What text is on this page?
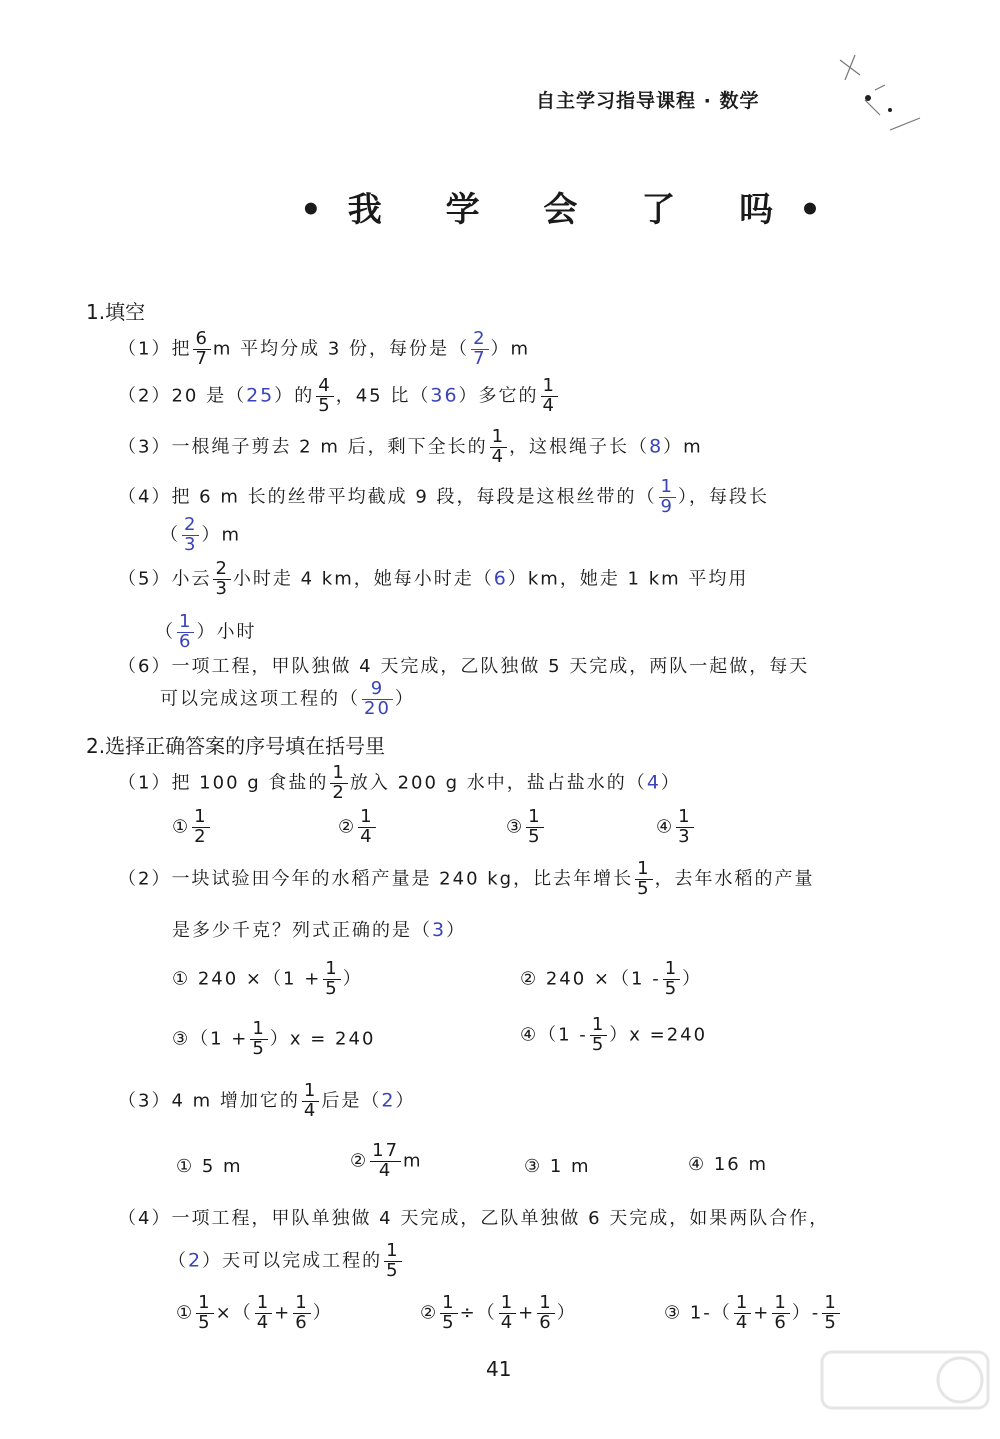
自主学习指导课程 · 数学
•我 学 会 了 吗•
1.填空
（1）把 $\frac{6}{7}$ m 平均分成 3 份，每份是（ $\frac{2}{7} )m$
（2）20 是（25）的 $\frac{4}{5}$ ，45 比（36）多它的 $\frac{1}{4}$
（3）一根绳子剪去 2 m 后，剩下全长的 $\frac{1}{4}$ ，这根绳子长（8）m
（4）把 6 m 长的丝带平均截成 9 段，每段是这根丝带的（ $\frac{1}{9}$ ），每段长
（ $\frac{2}{3} )m$
（5）小云 $\frac{2}{3}$ 小时走 4 km，她每小时走（6）km，她走 1 km 平均用
（ $\frac{1}{6}$ ）小时
（6）一项工程，甲队独做 4 天完成，乙队独做 5 天完成，两队一起做，每天
可以完成这项工程的（ $\frac{9}{20}$ ）
2.选择正确答案的序号填在括号里
（1）把 100 g 食盐的 $\frac{1}{2}$ 放入 200 g 水中，盐占盐水的（4）
① $\frac{1}{2}$	② $\frac{1}{4}$	③ $\frac{1}{5}$	④ $\frac{1}{3}$
（2）一块试验田今年的水稻产量是 240 kg，比去年增长 $\frac{1}{5}$ ，去年水稻的产量
是多少千克？列式正确的是（3）
① $240 \times(1 + \frac{1}{5}$ ）	② $240 \times(1 - \frac{1}{5}$ ）
③（1 + $\frac{1}{5} )x = 240$	④（1 - $\frac{1}{5} )x =240$
（3）4 m 增加它的 $\frac{1}{4}$ 后是（2）
① 5 m	② $\frac{17}{4}$ m	③ 1 m	④ 16 m
（4）一项工程，甲队单独做 4 天完成，乙队单独做 6 天完成，如果两队合作，
（2）天可以完成工程的 $\frac{1}{5}$
① $\frac{1}{5}$ ×（ $\frac{1}{4} + \frac{1}{6}$ ）	② $\frac{1}{5}$ ÷（ $\frac{1}{4} + \frac{1}{6}$ ）	③ $1-( \frac{1}{4} + \frac{1}{6}$ ）- $\frac{1}{5}$
41
